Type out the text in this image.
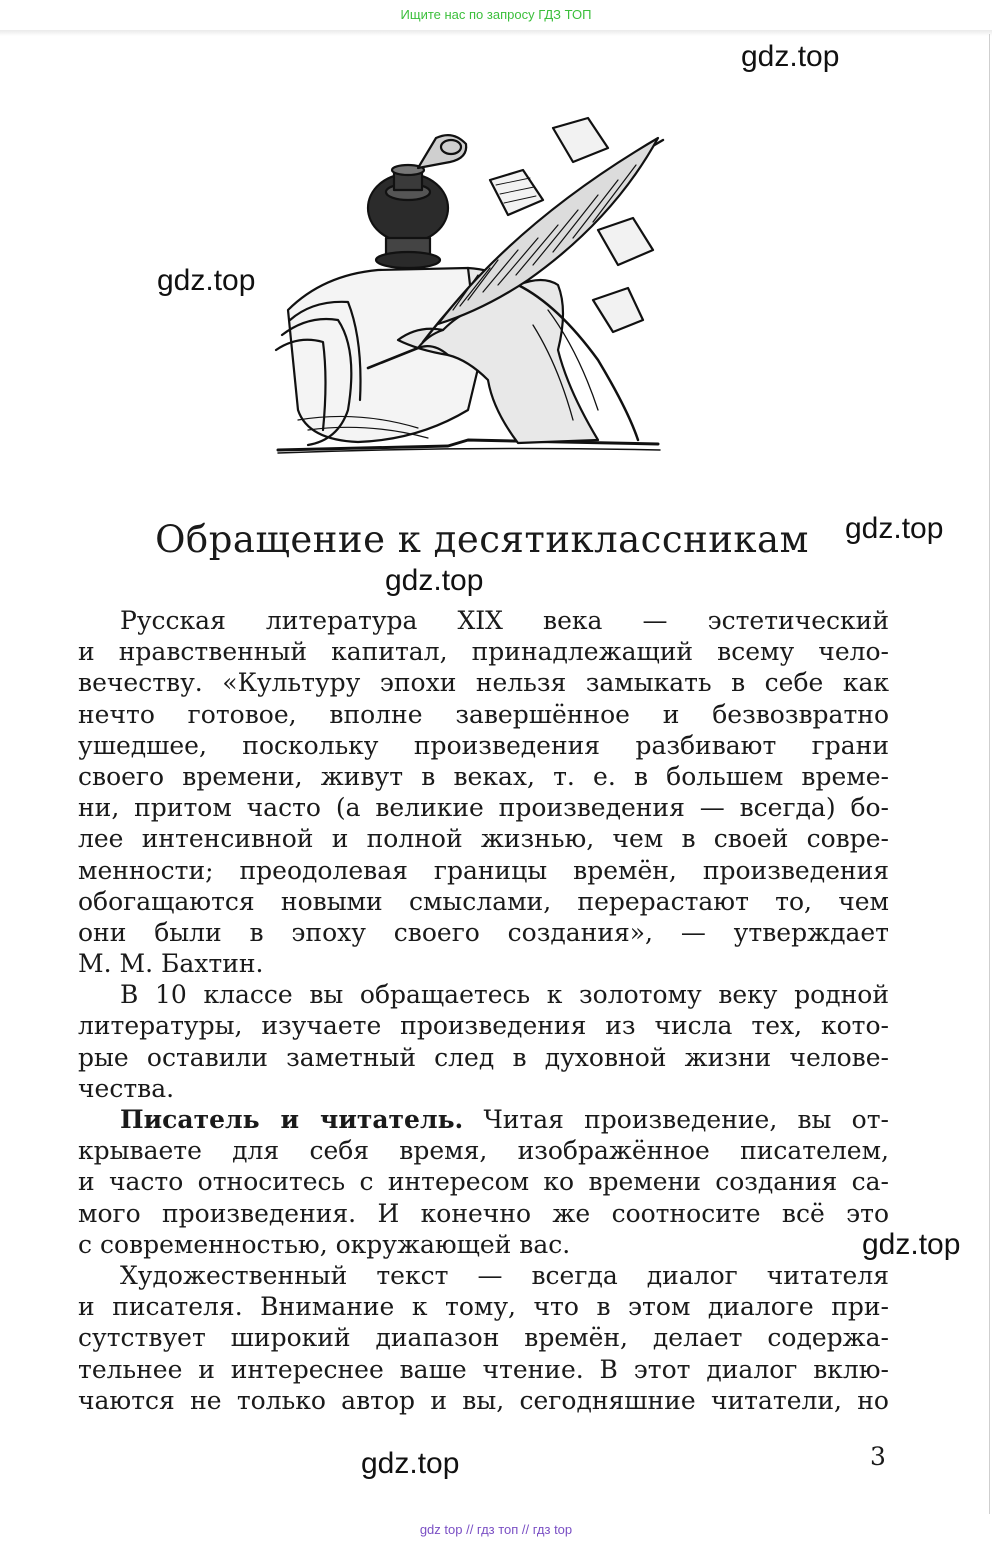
Ищите нас по запросу ГДЗ ТОП
gdz.top
gdz.top
gdz.top
gdz.top
gdz.top
gdz.top
Обращение к десятиклассникам
Русская литература XIX века — эстетический
и нравственный капитал, принадлежащий всему чело-
вечеству. «Культуру эпохи нельзя замыкать в себе как
нечто готовое, вполне завершённое и безвозвратно
ушедшее, поскольку произведения разбивают грани
своего времени, живут в веках, т. е. в большем време-
ни, притом часто (а великие произведения — всегда) бо-
лее интенсивной и полной жизнью, чем в своей совре-
менности; преодолевая границы времён, произведения
обогащаются новыми смыслами, перерастают то, чем
они были в эпоху своего создания», — утверждает
М. М. Бахтин.
В 10 классе вы обращаетесь к золотому веку родной
литературы, изучаете произведения из числа тех, кото-
рые оставили заметный след в духовной жизни челове-
чества.
Писатель и читатель. Читая произведение, вы от-
крываете для себя время, изображённое писателем,
и часто относитесь с интересом ко времени создания са-
мого произведения. И конечно же соотносите всё это
с современностью, окружающей вас.
Художественный текст — всегда диалог читателя
и писателя. Внимание к тому, что в этом диалоге при-
сутствует широкий диапазон времён, делает содержа-
тельнее и интереснее ваше чтение. В этот диалог вклю-
чаются не только автор и вы, сегодняшние читатели, но
3
gdz top // гдз топ // гдз top
